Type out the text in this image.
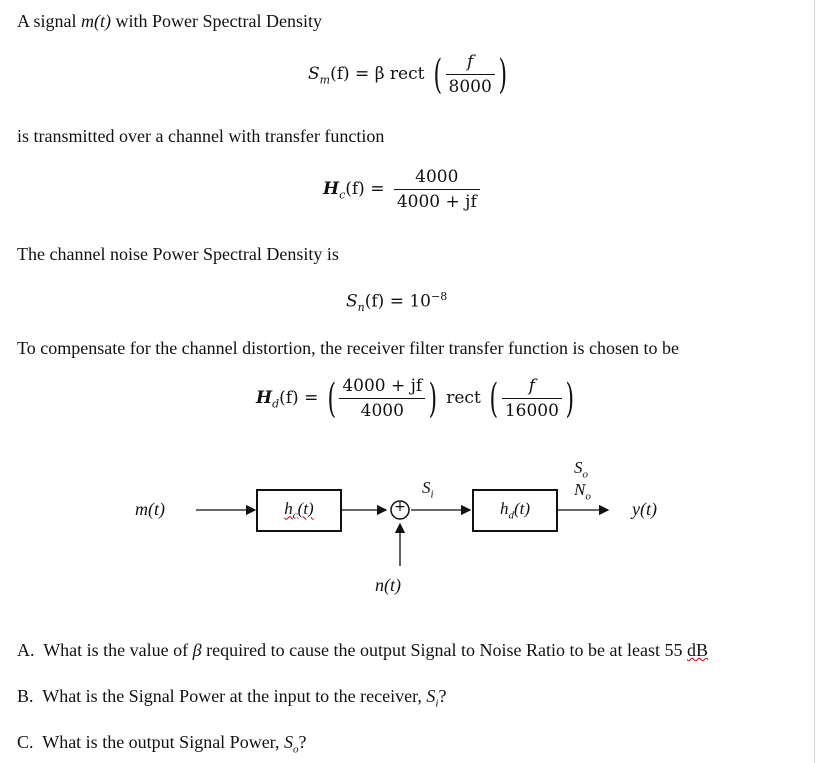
A signal m(t) with Power Spectral Density
$S_m(f) = \beta$ rect ( $\frac{f}{8000}$ )
is transmitted over a channel with transfer function
$H_c(f) = \frac{4000}{4000 + jf}$
The channel noise Power Spectral Density is
$S_n(f) = 10^{-8}$
To compensate for the channel distortion, the receiver filter transfer function is chosen to be
$H_d(f)$ = ( $\frac{4000 + jf}{4000}$ ) rect ( $\frac{f}{16000}$ )
+
m(t)	$h_c(t)$
$S_i$
$h_d(t)$
$S_o$
$N_o$
y(t)
n(t)
A. What is the value of β required to cause the output Signal to Noise Ratio to be at least 55 dB
B. What is the Signal Power at the input to the receiver, $S_i$?
C. What is the output Signal Power, $S_o$?
